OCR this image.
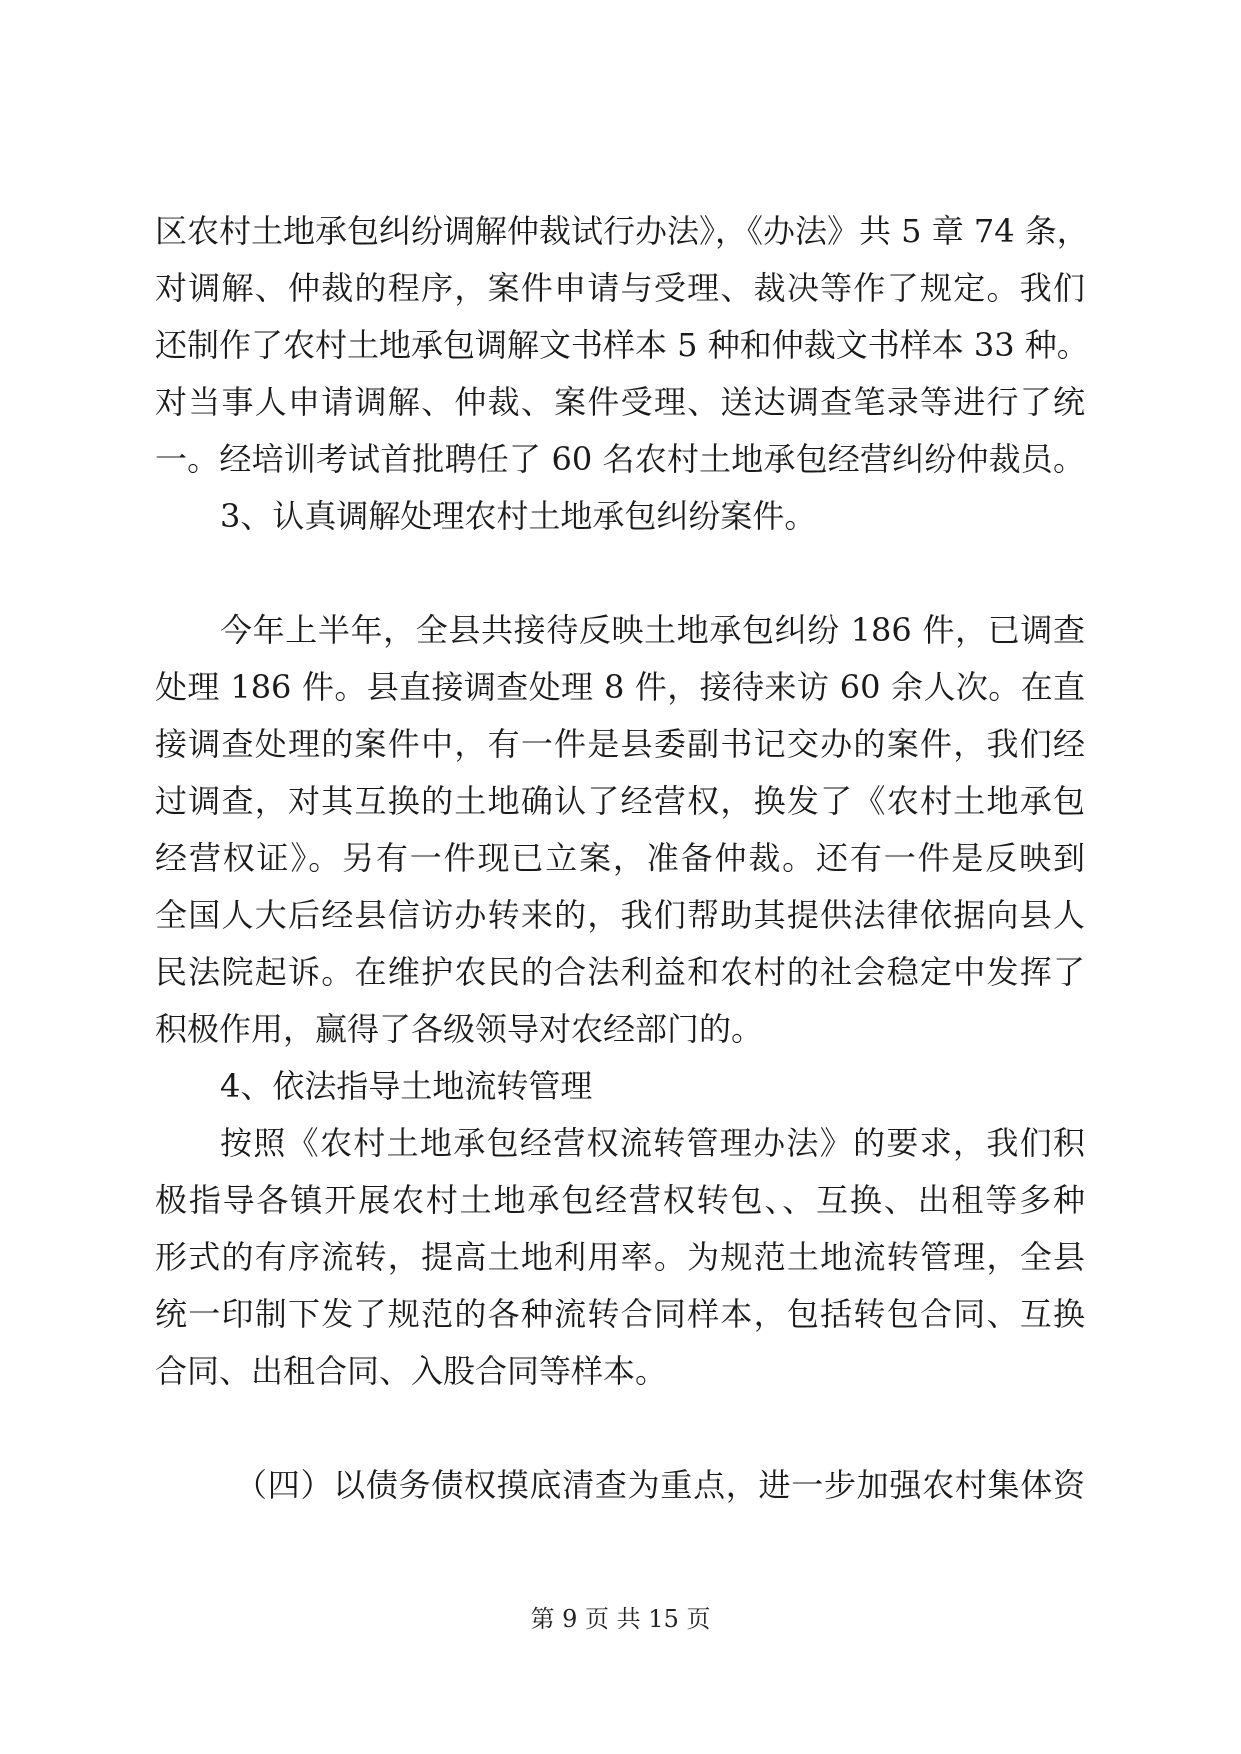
区农村土地承包纠纷调解仲裁试行办法》，《办法》共 5 章 74 条，
对调解、仲裁的程序，案件申请与受理、裁决等作了规定。我们
还制作了农村土地承包调解文书样本 5 种和仲裁文书样本 33 种。
对当事人申请调解、仲裁、案件受理、送达调查笔录等进行了统
一。经培训考试首批聘任了 60 名农村土地承包经营纠纷仲裁员。
3、认真调解处理农村土地承包纠纷案件。
今年上半年，全县共接待反映土地承包纠纷 186 件，已调查
处理 186 件。县直接调查处理 8 件，接待来访 60 余人次。在直
接调查处理的案件中，有一件是县委副书记交办的案件，我们经
过调查，对其互换的土地确认了经营权，换发了《农村土地承包
经营权证》。另有一件现已立案，准备仲裁。还有一件是反映到
全国人大后经县信访办转来的，我们帮助其提供法律依据向县人
民法院起诉。在维护农民的合法利益和农村的社会稳定中发挥了
积极作用，赢得了各级领导对农经部门的。
4、依法指导土地流转管理
按照《农村土地承包经营权流转管理办法》的要求，我们积
极指导各镇开展农村土地承包经营权转包、、互换、出租等多种
形式的有序流转，提高土地利用率。为规范土地流转管理，全县
统一印制下发了规范的各种流转合同样本，包括转包合同、互换
合同、出租合同、入股合同等样本。
（四）以债务债权摸底清查为重点，进一步加强农村集体资
第 9 页 共 15 页
